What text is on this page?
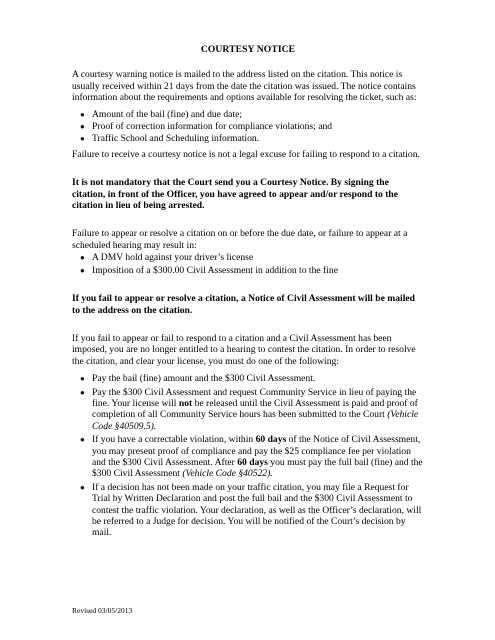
COURTESY NOTICE

A courtesy warning notice is mailed to the address listed on the citation. This notice is usually received within 21 days from the date the citation was issued. The notice contains information about the requirements and options available for resolving the ticket, such as:

● Amount of the bail (fine) and due date;
● Proof of correction information for compliance violations; and
● Traffic School and Scheduling information.

Failure to receive a courtesy notice is not a legal excuse for failing to respond to a citation.

It is not mandatory that the Court send you a Courtesy Notice. By signing the citation, in front of the Officer, you have agreed to appear and/or respond to the citation in lieu of being arrested.

Failure to appear or resolve a citation on or before the due date, or failure to appear at a scheduled hearing may result in:

● A DMV hold against your driver’s license
● Imposition of a $300.00 Civil Assessment in addition to the fine

If you fail to appear or resolve a citation, a Notice of Civil Assessment will be mailed to the address on the citation.

If you fail to appear or fail to respond to a citation and a Civil Assessment has been imposed, you are no longer entitled to a hearing to contest the citation. In order to resolve the citation, and clear your license, you must do one of the following:

● Pay the bail (fine) amount and the $300 Civil Assessment.
● Pay the $300 Civil Assessment and request Community Service in lieu of paying the fine. Your license will not be released until the Civil Assessment is paid and proof of completion of all Community Service hours has been submitted to the Court (Vehicle Code §40509.5).
● If you have a correctable violation, within 60 days of the Notice of Civil Assessment, you may present proof of compliance and pay the $25 compliance fee per violation and the $300 Civil Assessment. After 60 days you must pay the full bail (fine) and the $300 Civil Assessment (Vehicle Code §40522).
● If a decision has not been made on your traffic citation, you may file a Request for Trial by Written Declaration and post the full bail and the $300 Civil Assessment to contest the traffic violation. Your declaration, as well as the Officer’s declaration, will be referred to a Judge for decision. You will be notified of the Court’s decision by mail.
Revised 03/05/2013
